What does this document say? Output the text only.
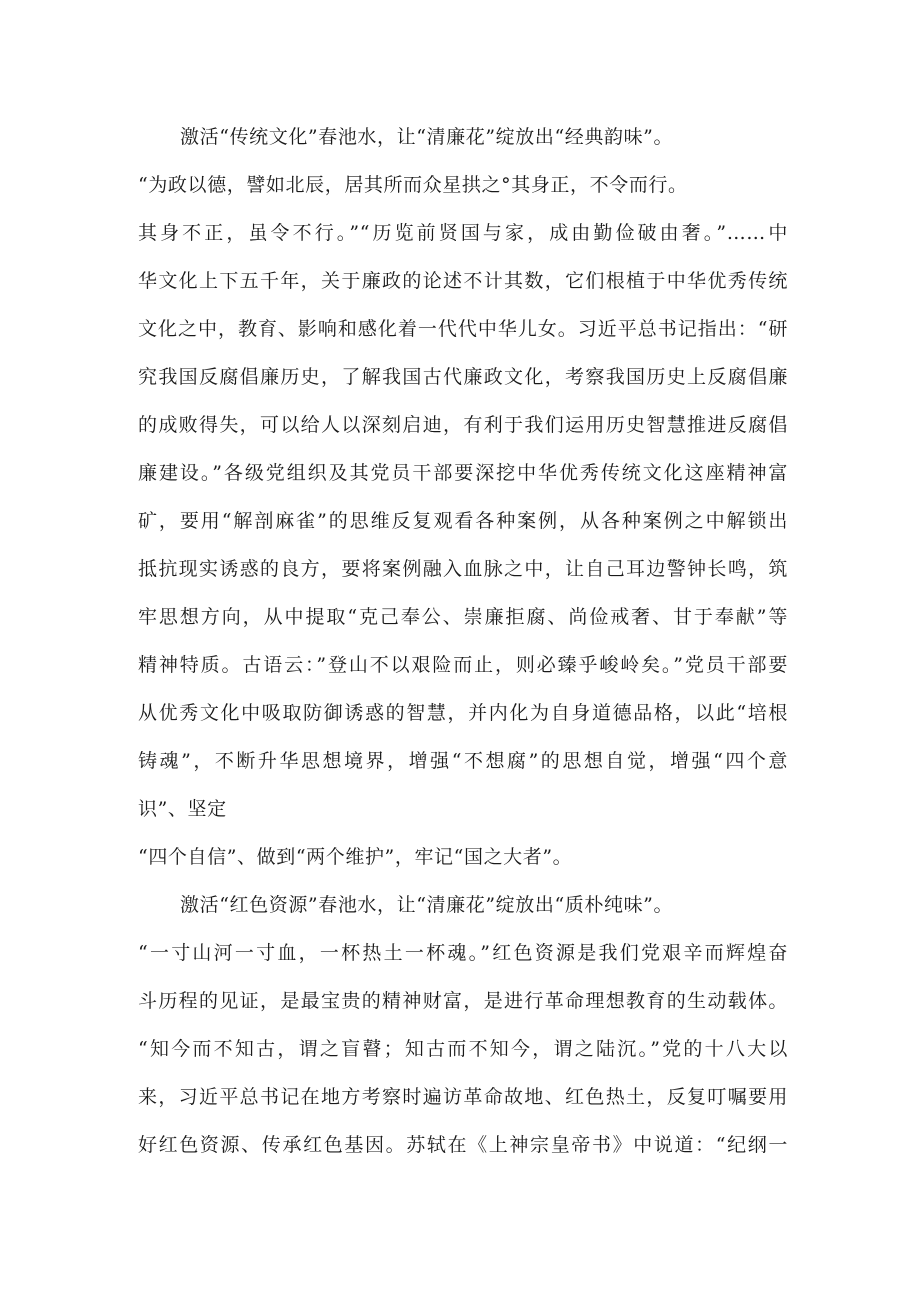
激活“传统文化”春池水，让“清廉花”绽放出“经典韵味”。
“为政以德，譬如北辰，居其所而众星拱之°其身正，不令而行。
其身不正，虽令不行。”“历览前贤国与家，成由勤俭破由奢。”……中
华文化上下五千年，关于廉政的论述不计其数，它们根植于中华优秀传统
文化之中，教育、影响和感化着一代代中华儿女。习近平总书记指出：“研
究我国反腐倡廉历史，了解我国古代廉政文化，考察我国历史上反腐倡廉
的成败得失，可以给人以深刻启迪，有利于我们运用历史智慧推进反腐倡
廉建设。”各级党组织及其党员干部要深挖中华优秀传统文化这座精神富
矿，要用“解剖麻雀”的思维反复观看各种案例，从各种案例之中解锁出
抵抗现实诱惑的良方，要将案例融入血脉之中，让自己耳边警钟长鸣，筑
牢思想方向，从中提取“克己奉公、崇廉拒腐、尚俭戒奢、甘于奉献”等
精神特质。古语云：”登山不以艰险而止，则必臻乎峻岭矣。”党员干部要
从优秀文化中吸取防御诱惑的智慧，并内化为自身道德品格，以此“培根
铸魂”，不断升华思想境界，增强“不想腐”的思想自觉，增强“四个意
识”、坚定
“四个自信”、做到“两个维护”，牢记“国之大者”。
激活“红色资源”春池水，让“清廉花”绽放出“质朴纯味”。
“一寸山河一寸血，一杯热土一杯魂。”红色资源是我们党艰辛而辉煌奋
斗历程的见证，是最宝贵的精神财富，是进行革命理想教育的生动载体。
“知今而不知古，谓之盲瞽；知古而不知今，谓之陆沉。”党的十八大以
来，习近平总书记在地方考察时遍访革命故地、红色热土，反复叮嘱要用
好红色资源、传承红色基因。苏轼在《上神宗皇帝书》中说道：“纪纲一
